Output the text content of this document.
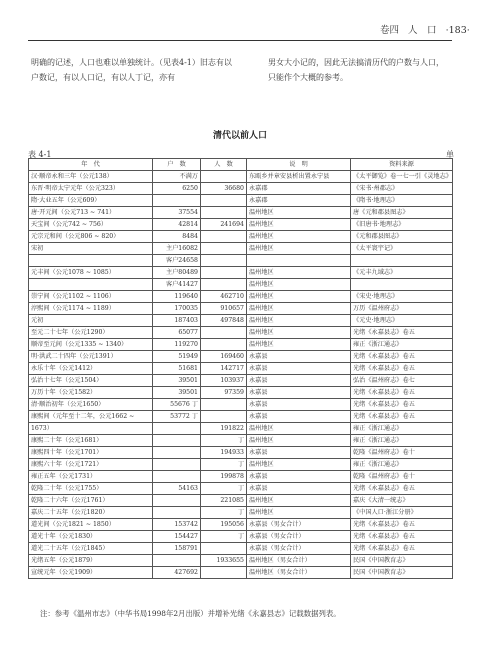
卷四 人　口 ·183·
明确的记述，人口也难以单独统计。（见表4-1）旧志有以户数记，有以人口记，有以人丁记，亦有
男女大小记的，因此无法搞清历代的户数与人口，只能作个大概的参考。
清代以前人口
表 4-1	单
年　代	户　数	人　数	说　明	资料来源
汉·顺帝永和三年（公元138）	不满万		东瓯乡并章安县析出置永宁县	《太平御览》卷一七一引《灵地志》
东晋·明帝太宁元年（公元323）	6250	36680	永嘉郡	《宋书·州郡志》
隋·大业五年（公元609）			永嘉郡	《隋书·地理志》
唐·开元间（公元713 ~ 741）	37554		温州地区	唐《元和郡县图志》
天宝间（公元742 ~ 756）	42814	241694	温州地区	《旧唐书·地理志》
元宗元和间（公元806 ~ 820）	8484		温州地区	《元和郡县图志》
宋初	主户16082		温州地区	《太平寰宇记》
	客户24658			
元丰间（公元1078 ~ 1085）	主户80489		温州地区	《元丰九域志》
	客户41427		温州地区	
崇宁间（公元1102 ~ 1106）	119640	462710	温州地区	《宋史·地理志》
淳熙间（公元1174 ~ 1189）	170035	910657	温州地区	万历《温州府志》
元初	187403	497848	温州地区	《元史·地理志》
至元二十七年（公元1290）	65077		温州地区	光绪《永嘉县志》卷五
顺帝至元间（公元1335 ~ 1340）	119270		温州地区	雍正《浙江通志》
明·洪武二十四年（公元1391）	51949	169460	永嘉县	光绪《永嘉县志》卷五
永乐十年（公元1412）	51681	142717	永嘉县	光绪《永嘉县志》卷五
弘治十七年（公元1504）	39501	103937	永嘉县	弘治《温州府志》卷七
万历十年（公元1582）	39501	97359	永嘉县	光绪《永嘉县志》卷五
清·顺治初年（公元1650）	55676 丁		永嘉县	光绪《永嘉县志》卷五
康熙间（元年至十二年，公元1662 ~	53772 丁		永嘉县	光绪《永嘉县志》卷五
1673）		191822	温州地区	雍正《浙江通志》
康熙二十年（公元1681）		丁	温州地区	雍正《浙江通志》
康熙四十年（公元1701）		194933	永嘉县	乾隆《温州府志》卷十
康熙六十年（公元1721）		丁	温州地区	雍正《浙江通志》
雍正五年（公元1731）		199878	永嘉县	乾隆《温州府志》卷十
乾隆二十年（公元1755）	54163	丁	永嘉县	光绪《永嘉县志》卷五
乾隆二十六年（公元1761）		221085	温州地区	嘉庆《大清一统志》
嘉庆二十五年（公元1820）		丁	温州地区	《中国人口·浙江分册》
道光间（公元1821 ~ 1850）	153742	195056	永嘉县（男女合计）	光绪《永嘉县志》卷五
道光十年（公元1830）	154427	丁	永嘉县（男女合计）	光绪《永嘉县志》卷五
道光二十五年（公元1845）	158791		永嘉县（男女合计）	光绪《永嘉县志》卷五
光绪五年（公元1879）		1933655	温州地区（男女合计）	民国《中国教育志》
宣统元年（公元1909）	427692		温州地区（男女合计）	民国《中国教育志》
注：参考《温州市志》（中华书局1998年2月出版）并增补光绪《永嘉县志》记载数据列表。
